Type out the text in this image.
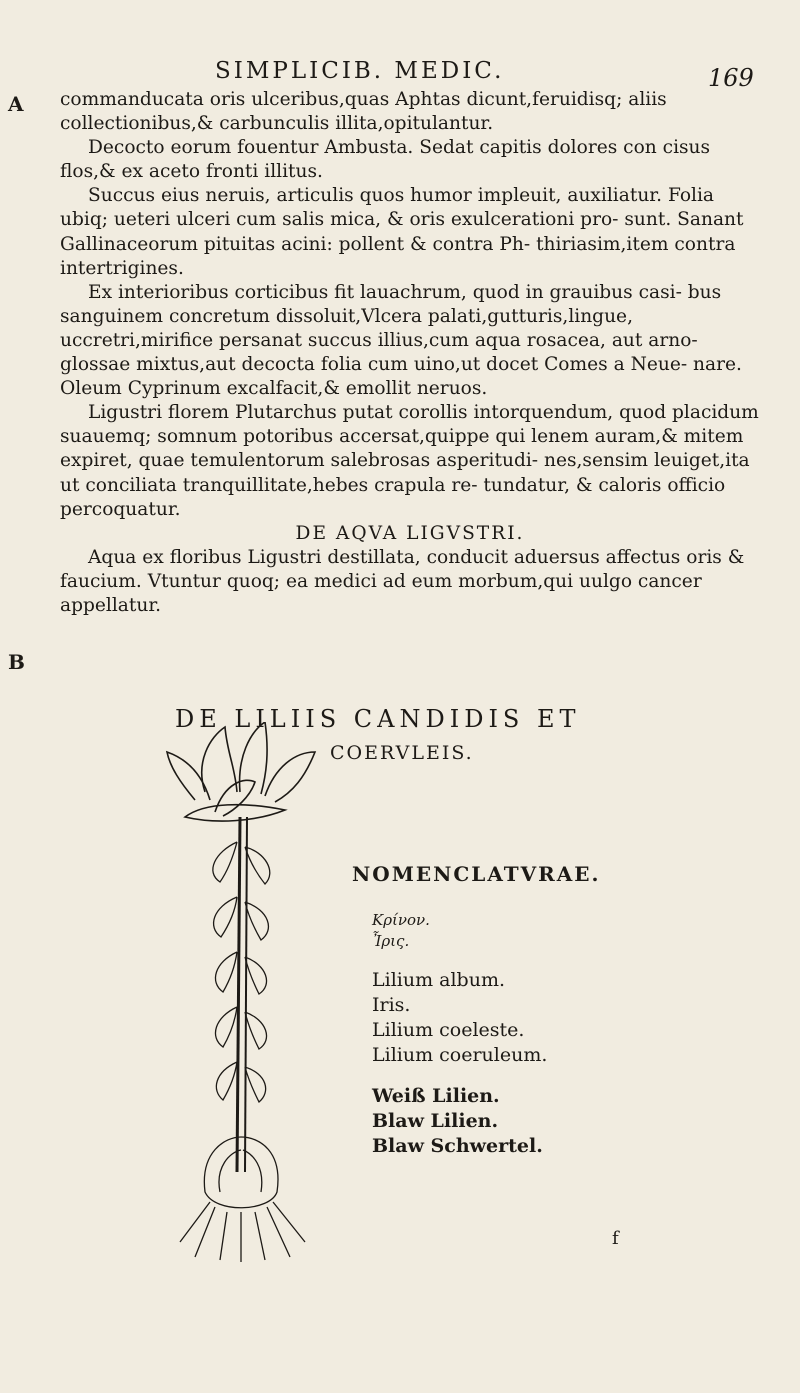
SIMPLICIB. MEDIC.	169
A
B

commanducata oris ulceribus,quas Aphtas dicunt,feruidisq; aliis collectionibus,& carbunculis illita,opitulantur.

Decocto eorum fouentur Ambusta. Sedat capitis dolores con cisus flos,& ex aceto fronti illitus.

Succus eius neruis, articulis quos humor impleuit, auxiliatur. Folia ubiq; ueteri ulceri cum salis mica, & oris exulcerationi pro- sunt. Sanant Gallinaceorum pituitas acini: pollent & contra Ph- thiriasim,item contra intertrigines.

Ex interioribus corticibus fit lauachrum, quod in grauibus casi- bus sanguinem concretum dissoluit,Vlcera palati,gutturis,lingue, uccretri,mirifice persanat succus illius,cum aqua rosacea, aut arno- glossae mixtus,aut decocta folia cum uino,ut docet Comes a Neue- nare. Oleum Cyprinum excalfacit,& emollit neruos.

Ligustri florem Plutarchus putat corollis intorquendum, quod placidum suauemq; somnum potoribus accersat,quippe qui lenem auram,& mitem expiret, quae temulentorum salebrosas asperitudi- nes,sensim leuiget,ita ut conciliata tranquillitate,hebes crapula re- tundatur, & caloris officio percoquatur.

DE AQVA LIGVSTRI.

Aqua ex floribus Ligustri destillata, conducit aduersus affectus oris & faucium. Vtuntur quoq; ea medici ad eum morbum,qui uulgo cancer appellatur.

DE LILIIS CANDIDIS ET
COERVLEIS.
NOMENCLATVRAE.
Κρίνον.
Ἶρις.
Lilium album.
Iris.
Lilium coeleste.
Lilium coeruleum.
Weiß Lilien.
Blaw Lilien.
Blaw Schwertel.
f
